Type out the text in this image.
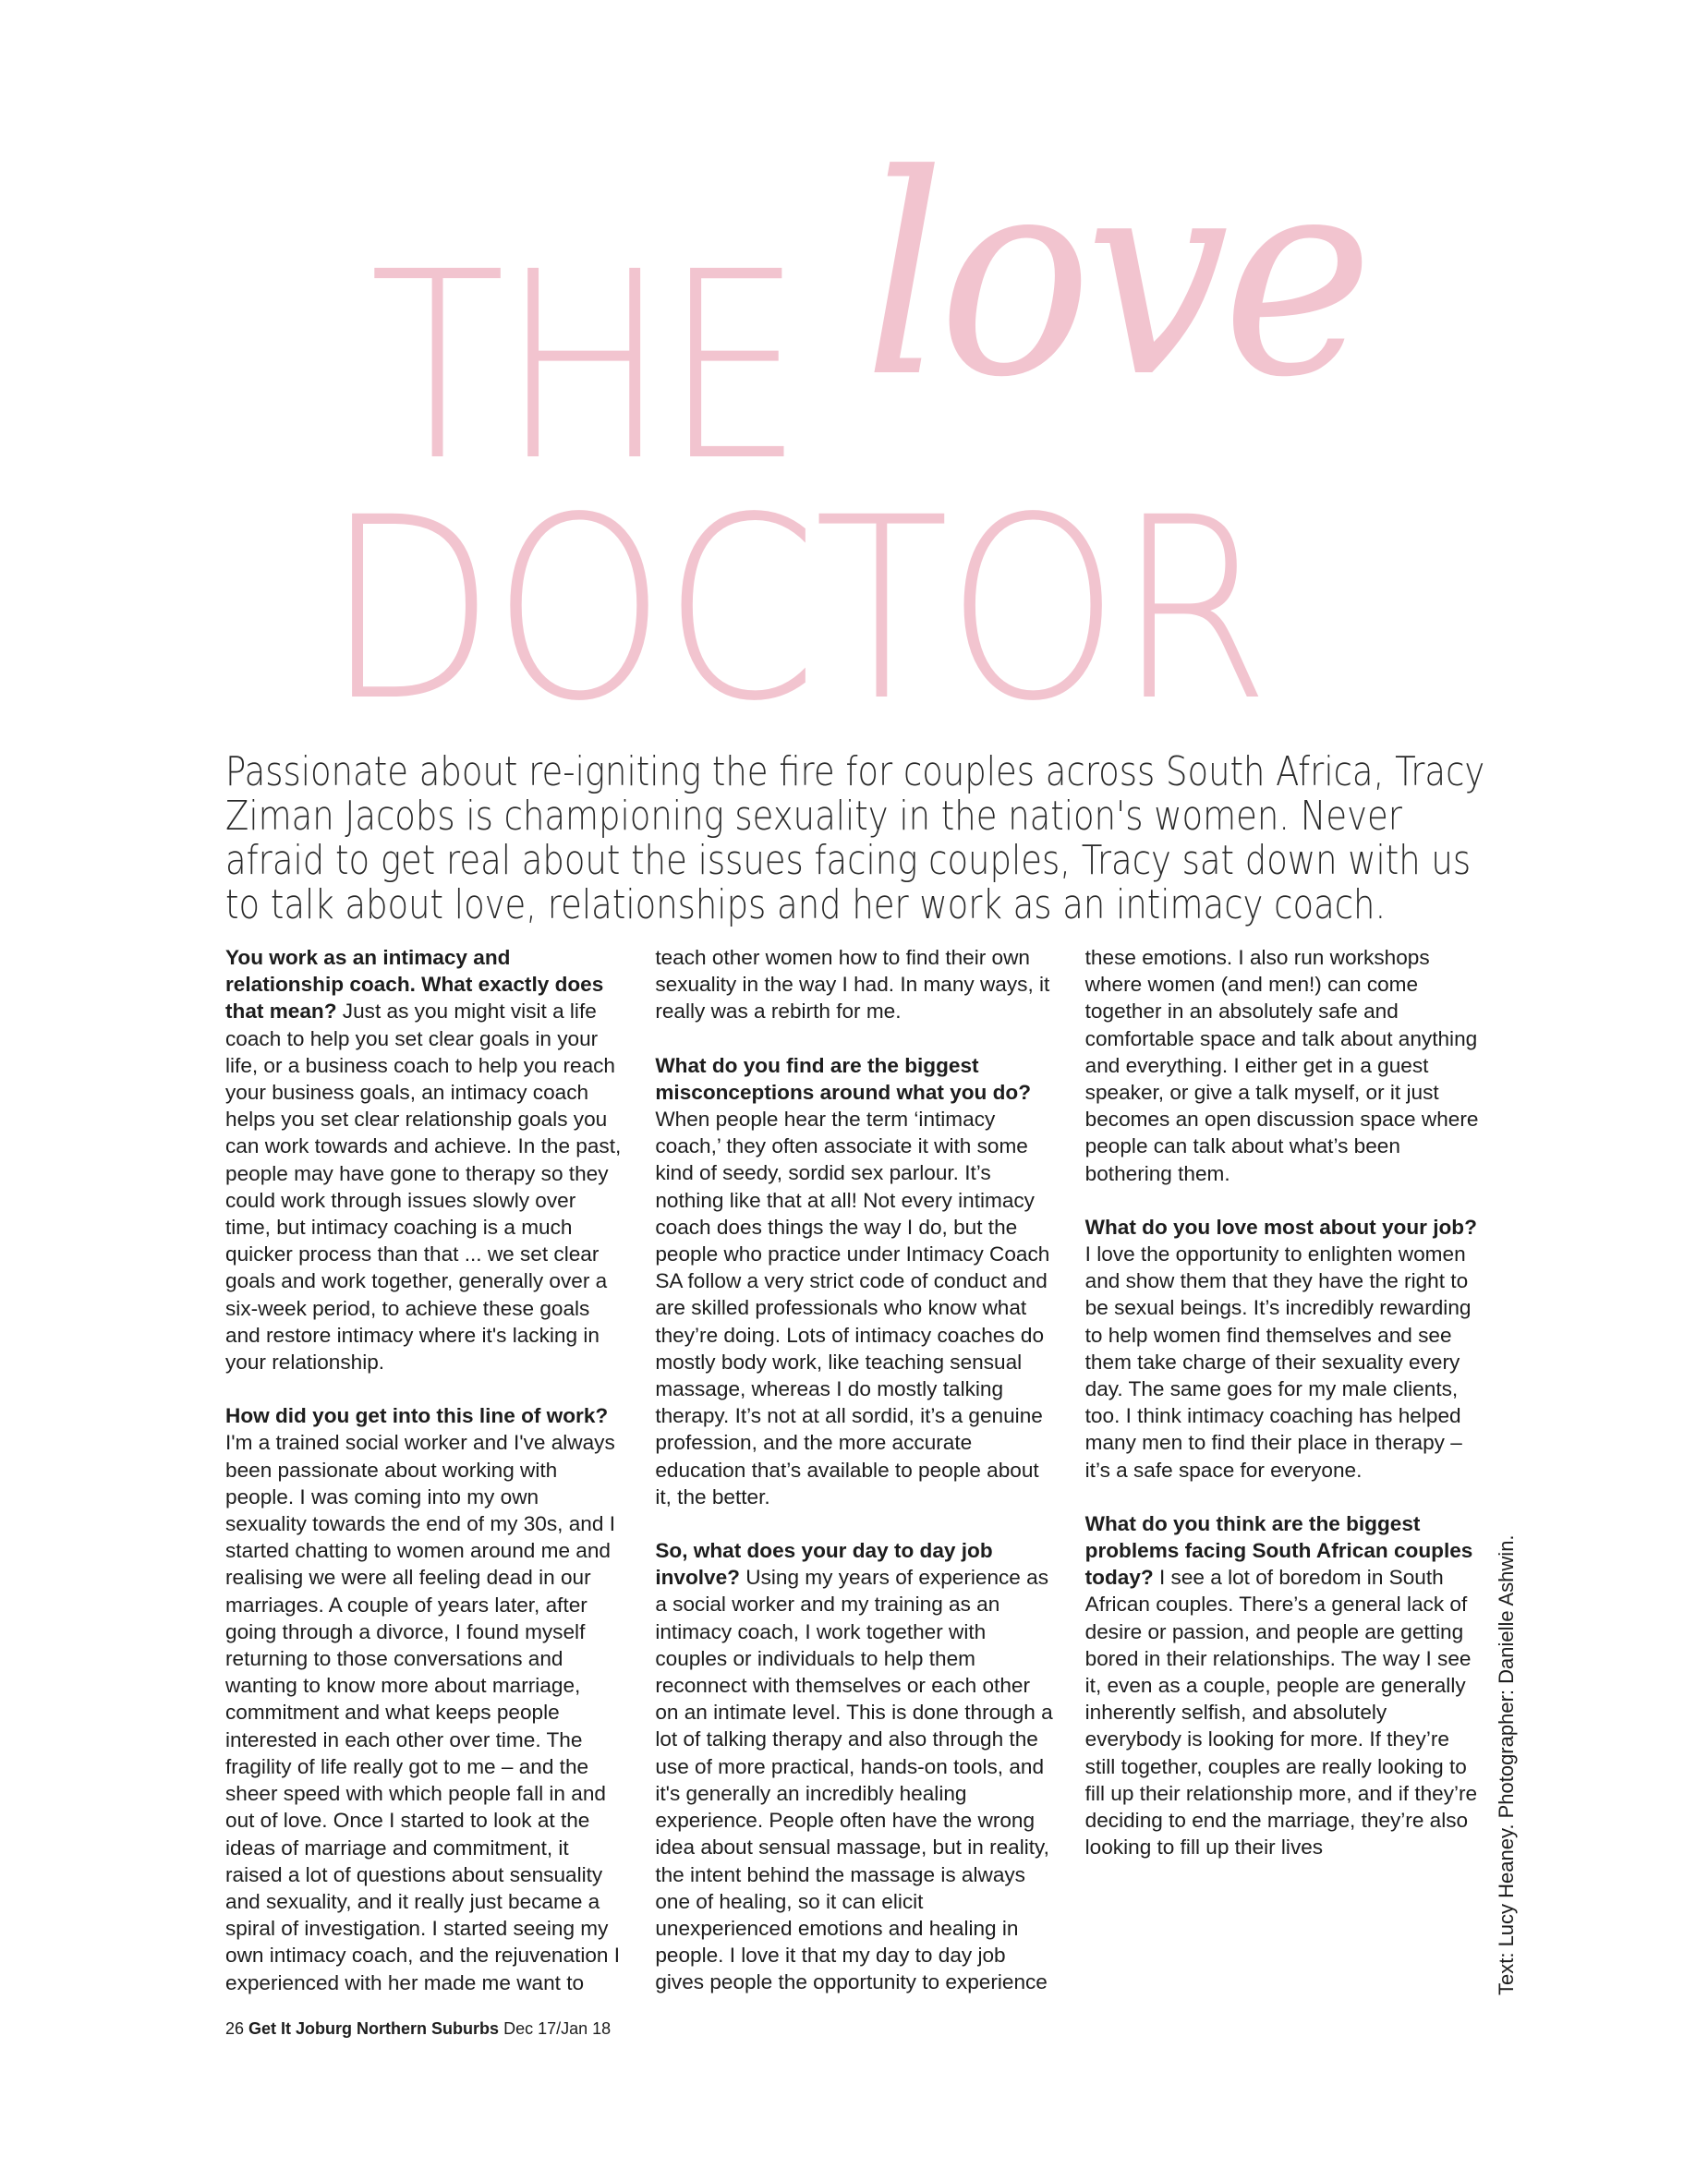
THE love
DOCTOR

Passionate about re-igniting the fire for couples across South Africa, Tracy Ziman Jacobs is championing sexuality in the nation's women. Never afraid to get real about the issues facing couples, Tracy sat down with us to talk about love, relationships and her work as an intimacy coach.

You work as an intimacy and relationship coach. What exactly does that mean? Just as you might visit a life coach to help you set clear goals in your life, or a business coach to help you reach your business goals, an intimacy coach helps you set clear relationship goals you can work towards and achieve. In the past, people may have gone to therapy so they could work through issues slowly over time, but intimacy coaching is a much quicker process than that ... we set clear goals and work together, generally over a six-week period, to achieve these goals and restore intimacy where it's lacking in your relationship.

How did you get into this line of work? I'm a trained social worker and I've always been passionate about working with people. I was coming into my own sexuality towards the end of my 30s, and I started chatting to women around me and realising we were all feeling dead in our marriages. A couple of years later, after going through a divorce, I found myself returning to those conversations and wanting to know more about marriage, commitment and what keeps people interested in each other over time. The fragility of life really got to me – and the sheer speed with which people fall in and out of love. Once I started to look at the ideas of marriage and commitment, it raised a lot of questions about sensuality and sexuality, and it really just became a spiral of investigation. I started seeing my own intimacy coach, and the rejuvenation I experienced with her made me want to teach other women how to find their own sexuality in the way I had. In many ways, it really was a rebirth for me.

What do you find are the biggest misconceptions around what you do? When people hear the term ‘intimacy coach,’ they often associate it with some kind of seedy, sordid sex parlour. It’s nothing like that at all! Not every intimacy coach does things the way I do, but the people who practice under Intimacy Coach SA follow a very strict code of conduct and are skilled professionals who know what they’re doing. Lots of intimacy coaches do mostly body work, like teaching sensual massage, whereas I do mostly talking therapy. It’s not at all sordid, it’s a genuine profession, and the more accurate education that’s available to people about it, the better.

So, what does your day to day job involve? Using my years of experience as a social worker and my training as an intimacy coach, I work together with couples or individuals to help them reconnect with themselves or each other on an intimate level. This is done through a lot of talking therapy and also through the use of more practical, hands-on tools, and it's generally an incredibly healing experience. People often have the wrong idea about sensual massage, but in reality, the intent behind the massage is always one of healing, so it can elicit unexperienced emotions and healing in people. I love it that my day to day job gives people the opportunity to experience these emotions. I also run workshops where women (and men!) can come together in an absolutely safe and comfortable space and talk about anything and everything. I either get in a guest speaker, or give a talk myself, or it just becomes an open discussion space where people can talk about what’s been bothering them.

What do you love most about your job? I love the opportunity to enlighten women and show them that they have the right to be sexual beings. It’s incredibly rewarding to help women find themselves and see them take charge of their sexuality every day. The same goes for my male clients, too. I think intimacy coaching has helped many men to find their place in therapy – it’s a safe space for everyone.

What do you think are the biggest problems facing South African couples today? I see a lot of boredom in South African couples. There’s a general lack of desire or passion, and people are getting bored in their relationships. The way I see it, even as a couple, people are generally inherently selfish, and absolutely everybody is looking for more. If they’re still together, couples are really looking to fill up their relationship more, and if they’re deciding to end the marriage, they’re also looking to fill up their lives	Text: Lucy Heaney. Photographer: Danielle Ashwin.

26 Get It Joburg Northern Suburbs Dec 17/Jan 18
